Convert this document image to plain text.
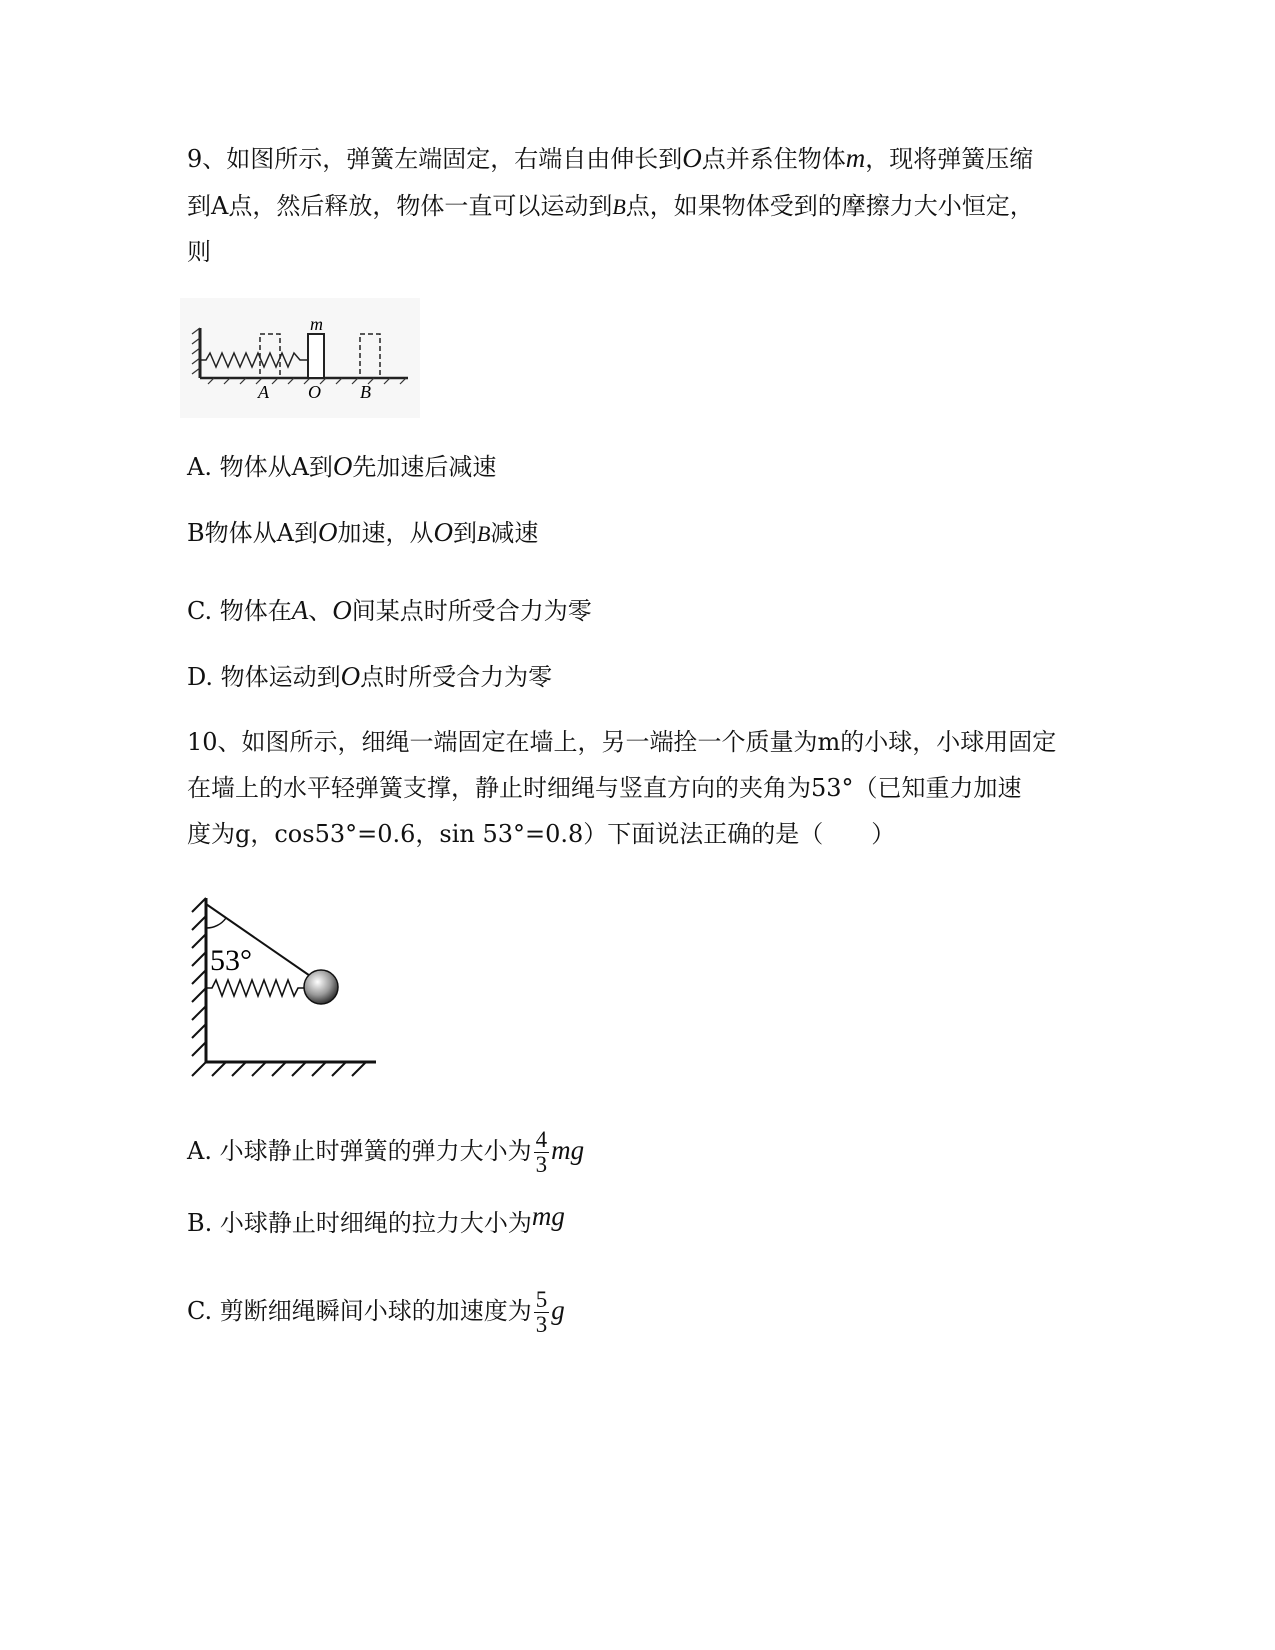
9、如图所示，弹簧左端固定，右端自由伸长到O点并系住物体m，现将弹簧压缩
到A点，然后释放，物体一直可以运动到B点，如果物体受到的摩擦力大小恒定，
则
m
A O B
A. 物体从A到O先加速后减速
B物体从A到O加速，从O到B减速
C. 物体在A、O间某点时所受合力为零
D. 物体运动到O点时所受合力为零
10、如图所示，细绳一端固定在墙上，另一端拴一个质量为m的小球，小球用固定
在墙上的水平轻弹簧支撑，静止时细绳与竖直方向的夹角为53°（已知重力加速
度为g，cos53°=0.6，sin 53°=0.8）下面说法正确的是（　　）
53°
A. 小球静止时弹簧的弹力大小为 $\frac{4}{3}$ mg
B. 小球静止时细绳的拉力大小为mg
C. 剪断细绳瞬间小球的加速度为 $\frac{5}{3}$ g
